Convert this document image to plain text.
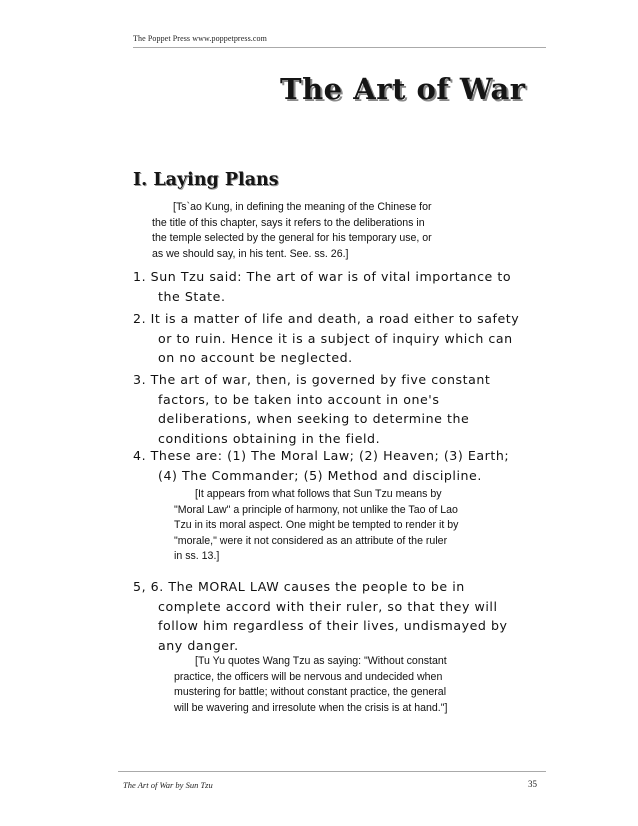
The Poppet Press www.poppetpress.com
The Art of War
I. Laying Plans
[Ts`ao Kung, in defining the meaning of the Chinese for
the title of this chapter, says it refers to the deliberations in
the temple selected by the general for his temporary use, or
as we should say, in his tent. See. ss. 26.]
1. Sun Tzu said: The art of war is of vital importance to
the State.
2. It is a matter of life and death, a road either to safety
or to ruin. Hence it is a subject of inquiry which can
on no account be neglected.
3. The art of war, then, is governed by five constant
factors, to be taken into account in one's
deliberations, when seeking to determine the
conditions obtaining in the field.
4. These are: (1) The Moral Law; (2) Heaven; (3) Earth;
(4) The Commander; (5) Method and discipline.
[It appears from what follows that Sun Tzu means by
"Moral Law" a principle of harmony, not unlike the Tao of Lao
Tzu in its moral aspect. One might be tempted to render it by
"morale," were it not considered as an attribute of the ruler
in ss. 13.]
5, 6. The MORAL LAW causes the people to be in
complete accord with their ruler, so that they will
follow him regardless of their lives, undismayed by
any danger.
[Tu Yu quotes Wang Tzu as saying: "Without constant
practice, the officers will be nervous and undecided when
mustering for battle; without constant practice, the general
will be wavering and irresolute when the crisis is at hand."]
The Art of War by Sun Tzu	35
